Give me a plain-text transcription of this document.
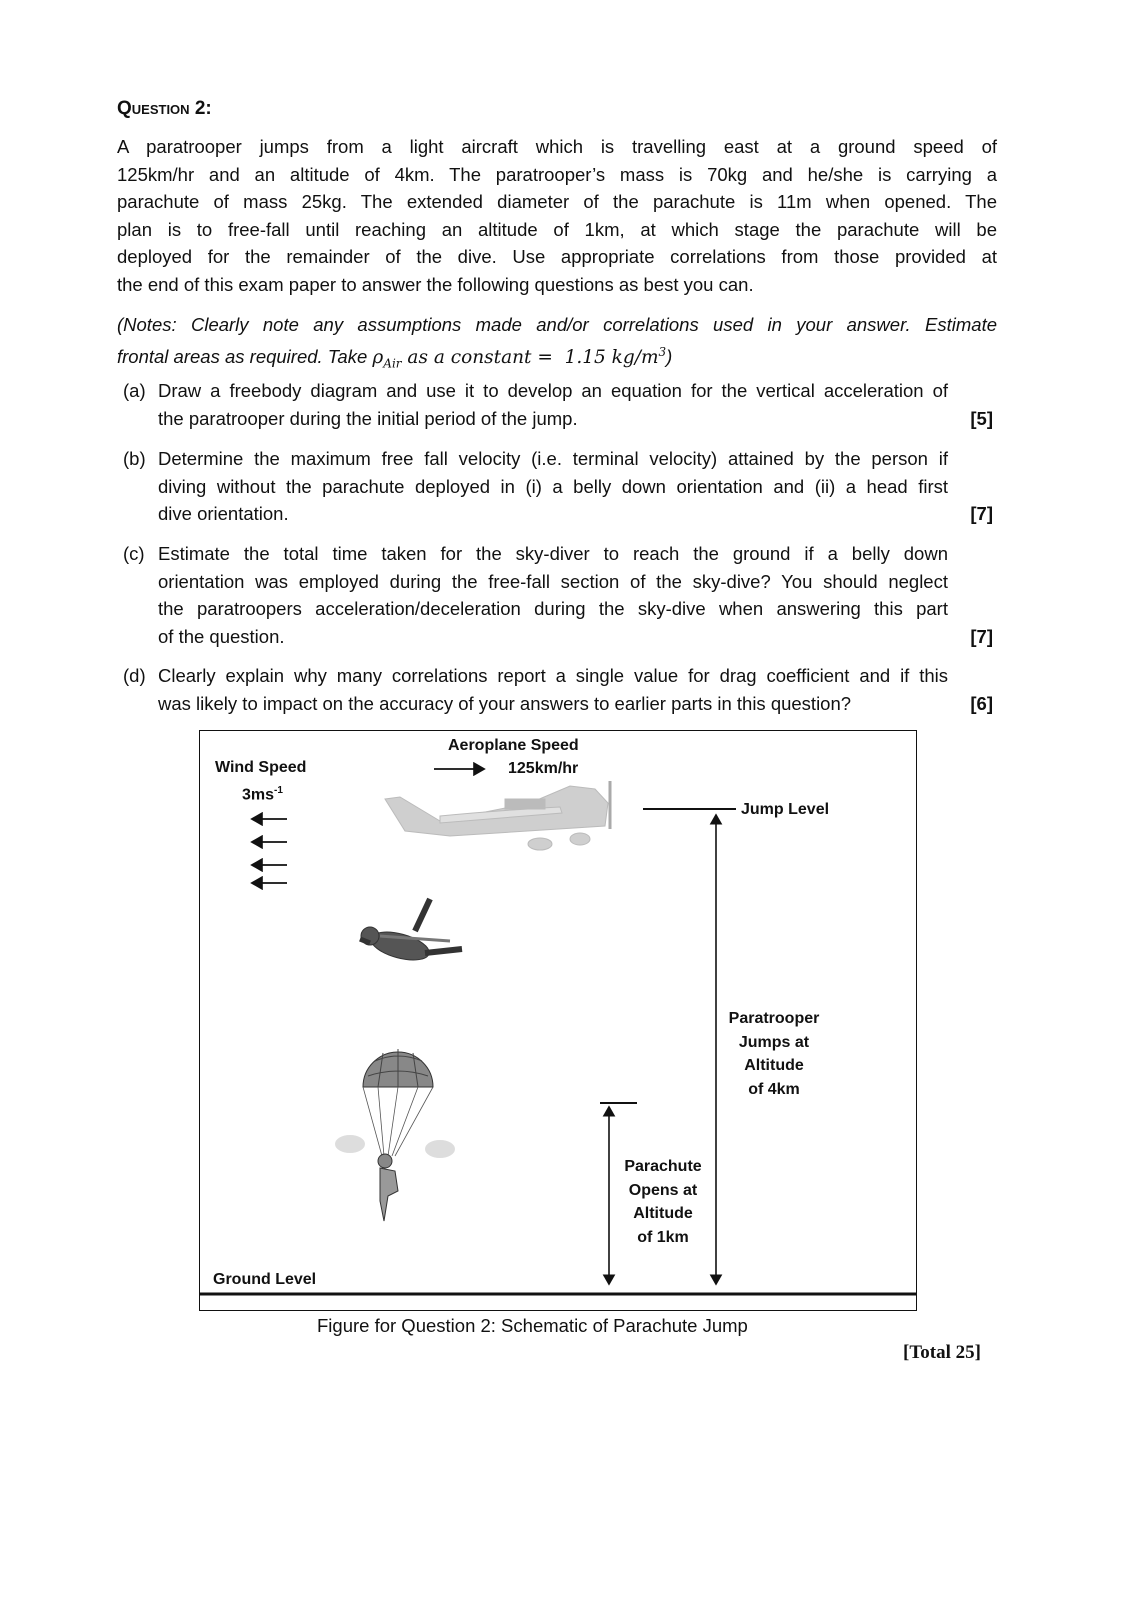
Question 2:
A paratrooper jumps from a light aircraft which is travelling east at a ground speed of
125km/hr and an altitude of 4km. The paratrooper’s mass is 70kg and he/she is carrying a
parachute of mass 25kg. The extended diameter of the parachute is 11m when opened. The
plan is to free-fall until reaching an altitude of 1km, at which stage the parachute will be
deployed for the remainder of the dive. Use appropriate correlations from those provided at
the end of this exam paper to answer the following questions as best you can.
(Notes: Clearly note any assumptions made and/or correlations used in your answer. Estimate
frontal areas as required. Take $\rho_{Air}$ as a constant =  1.15 $kg/m^3$)
(a) Draw a freebody diagram and use it to develop an equation for the vertical acceleration of
the paratrooper during the initial period of the jump.	[5]
(b) Determine the maximum free fall velocity (i.e. terminal velocity) attained by the person if
diving without the parachute deployed in (i) a belly down orientation and (ii) a head first
dive orientation.	[7]
(c) Estimate the total time taken for the sky-diver to reach the ground if a belly down
orientation was employed during the free-fall section of the sky-dive? You should neglect
the paratroopers acceleration/deceleration during the sky-dive when answering this part
of the question.	[7]
(d) Clearly explain why many correlations report a single value for drag coefficient and if this
was likely to impact on the accuracy of your answers to earlier parts in this question?	[6]
Aeroplane Speed
125km/hr
Wind Speed
$3ms^{-1}$
Jump Level
Paratrooper
Jumps at
Altitude
of 4km
Parachute
Opens at
Altitude
of 1km
Ground Level
Figure for Question 2: Schematic of Parachute Jump
[Total 25]
